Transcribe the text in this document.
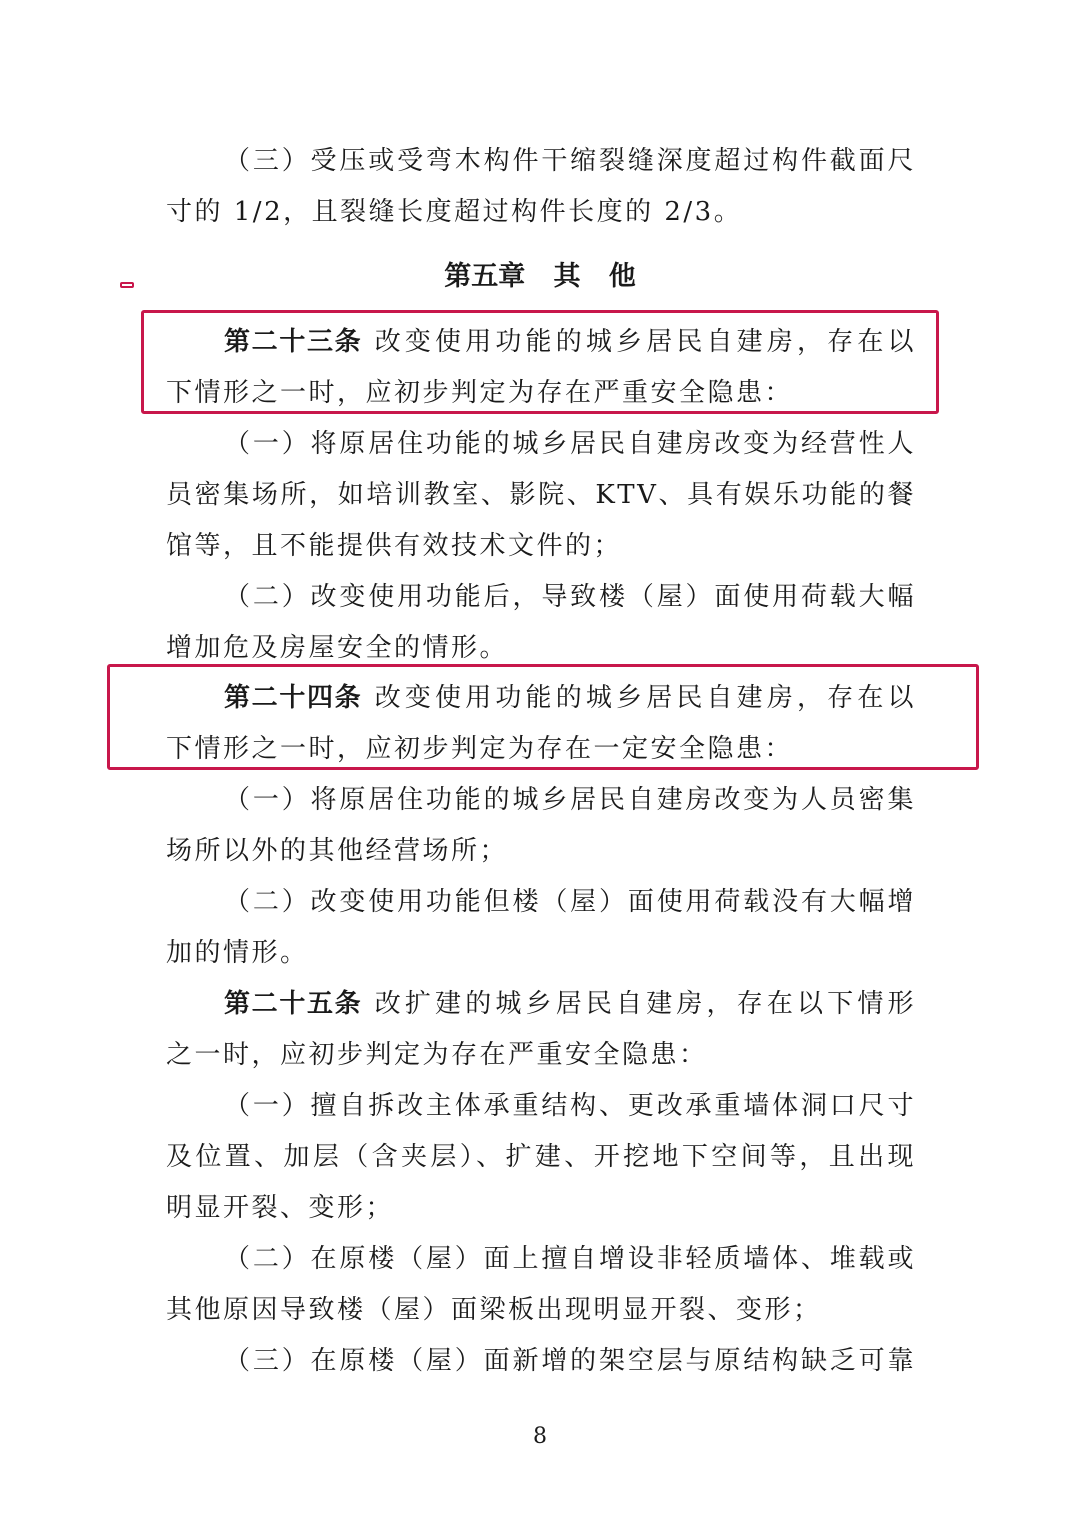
（三）受压或受弯木构件干缩裂缝深度超过构件截面尺
寸的 1/2，且裂缝长度超过构件长度的 2/3。
第五章   其   他
第二十三条 改变使用功能的城乡居民自建房，存在以
下情形之一时，应初步判定为存在严重安全隐患：
（一）将原居住功能的城乡居民自建房改变为经营性人
员密集场所，如培训教室、影院、KTV、具有娱乐功能的餐
馆等，且不能提供有效技术文件的；
（二）改变使用功能后，导致楼（屋）面使用荷载大幅
增加危及房屋安全的情形。
第二十四条 改变使用功能的城乡居民自建房，存在以
下情形之一时，应初步判定为存在一定安全隐患：
（一）将原居住功能的城乡居民自建房改变为人员密集
场所以外的其他经营场所；
（二）改变使用功能但楼（屋）面使用荷载没有大幅增
加的情形。
第二十五条 改扩建的城乡居民自建房，存在以下情形
之一时，应初步判定为存在严重安全隐患：
（一）擅自拆改主体承重结构、更改承重墙体洞口尺寸
及位置、加层（含夹层）、扩建、开挖地下空间等，且出现
明显开裂、变形；
（二）在原楼（屋）面上擅自增设非轻质墙体、堆载或
其他原因导致楼（屋）面梁板出现明显开裂、变形；
（三）在原楼（屋）面新增的架空层与原结构缺乏可靠
8
